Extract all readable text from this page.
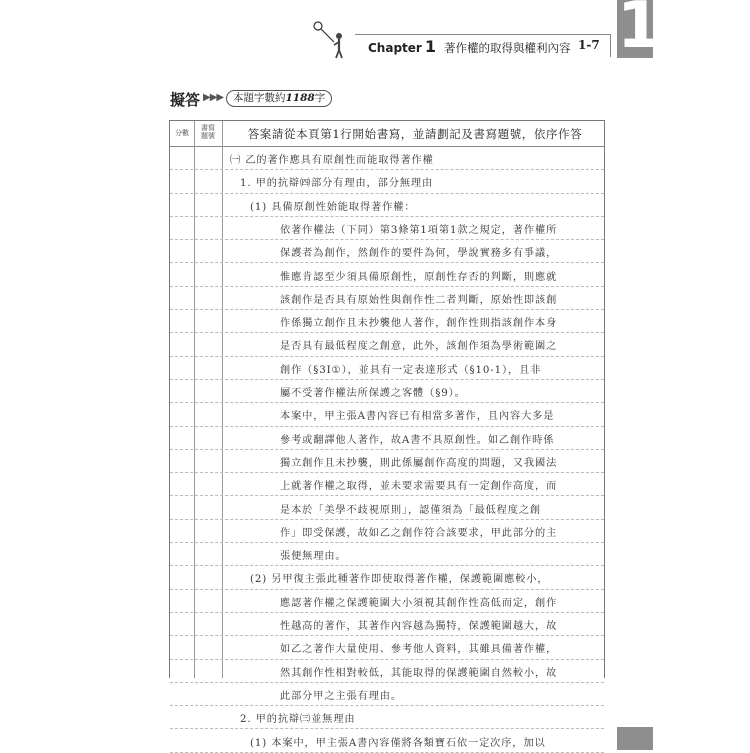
1
Chapter 1 著作權的取得與權利內容 1-7
擬答 ▶▶▶ 本題字數約1188字
分數
書寫
題號	答案請從本頁第1行開始書寫，並請劃記及書寫題號，依序作答
㈠ 乙的著作應具有原創性而能取得著作權
1. 甲的抗辯㈣部分有理由，部分無理由
(1) 具備原創性始能取得著作權：
依著作權法（下同）第3條第1項第1款之規定，著作權所
保護者為創作，然創作的要件為何，學說實務多有爭議，
惟應肯認至少須具備原創性，原創性存否的判斷，則應就
該創作是否具有原始性與創作性二者判斷，原始性即該創
作係獨立創作且未抄襲他人著作，創作性則指該創作本身
是否具有最低程度之創意，此外，該創作須為學術範圍之
創作（§3Ⅰ①），並具有一定表達形式（§10-1），且非
屬不受著作權法所保護之客體（§9）。
本案中，甲主張A書內容已有相當多著作，且內容大多是
參考或翻譯他人著作，故A書不具原創性。如乙創作時係
獨立創作且未抄襲，則此係屬創作高度的問題，又我國法
上就著作權之取得，並未要求需要具有一定創作高度，而
是本於「美學不歧視原則」，認僅須為「最低程度之創
作」即受保護，故如乙之創作符合該要求，甲此部分的主
張便無理由。
(2) 另甲復主張此種著作即使取得著作權，保護範圍應較小，
應認著作權之保護範圍大小須視其創作性高低而定，創作
性越高的著作，其著作內容越為獨特，保護範圍越大，故
如乙之著作大量使用、參考他人資料，其雖具備著作權，
然其創作性相對較低，其能取得的保護範圍自然較小，故
此部分甲之主張有理由。
2. 甲的抗辯㈢並無理由
(1) 本案中，甲主張A書內容僅將各類寶石依一定次序，加以
